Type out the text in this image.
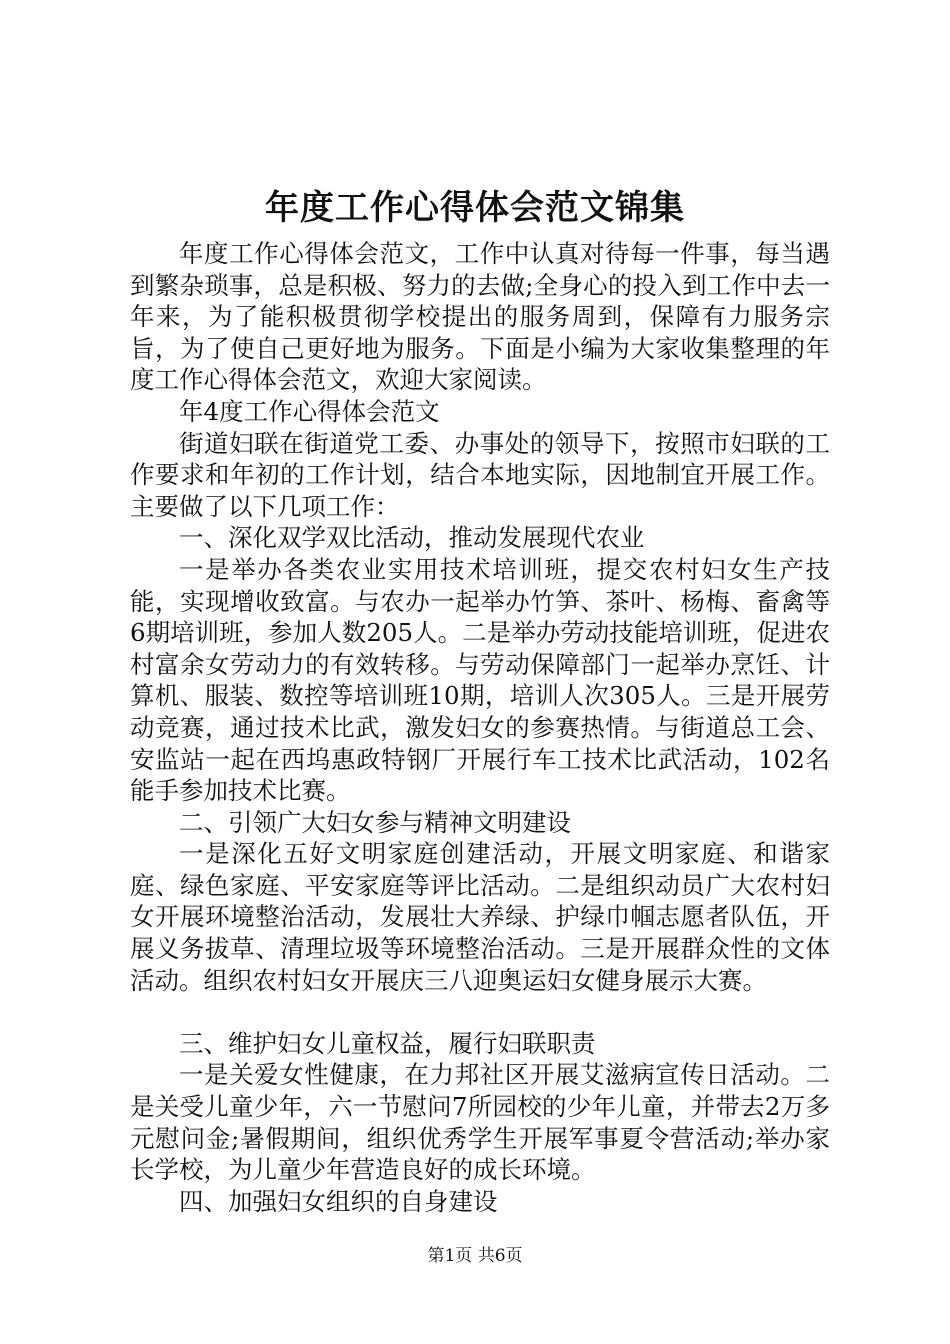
年度工作心得体会范文锦集

年度工作心得体会范文，工作中认真对待每一件事，每当遇到繁杂琐事，总是积极、努力的去做;全身心的投入到工作中去一年来，为了能积极贯彻学校提出的服务周到，保障有力服务宗旨，为了使自己更好地为服务。下面是小编为大家收集整理的年度工作心得体会范文，欢迎大家阅读。

年4度工作心得体会范文

街道妇联在街道党工委、办事处的领导下，按照市妇联的工作要求和年初的工作计划，结合本地实际，因地制宜开展工作。主要做了以下几项工作：

一、深化双学双比活动，推动发展现代农业

一是举办各类农业实用技术培训班，提交农村妇女生产技能，实现增收致富。与农办一起举办竹笋、茶叶、杨梅、畜禽等6期培训班，参加人数205人。二是举办劳动技能培训班，促进农村富余女劳动力的有效转移。与劳动保障部门一起举办烹饪、计算机、服装、数控等培训班10期，培训人次305人。三是开展劳动竞赛，通过技术比武，激发妇女的参赛热情。与街道总工会、安监站一起在西坞惠政特钢厂开展行车工技术比武活动，102名能手参加技术比赛。

二、引领广大妇女参与精神文明建设

一是深化五好文明家庭创建活动，开展文明家庭、和谐家庭、绿色家庭、平安家庭等评比活动。二是组织动员广大农村妇女开展环境整治活动，发展壮大养绿、护绿巾帼志愿者队伍，开展义务拔草、清理垃圾等环境整治活动。三是开展群众性的文体活动。组织农村妇女开展庆三八迎奥运妇女健身展示大赛。

三、维护妇女儿童权益，履行妇联职责

一是关爱女性健康，在力邦社区开展艾滋病宣传日活动。二是关受儿童少年，六一节慰问7所园校的少年儿童，并带去2万多元慰问金;暑假期间，组织优秀学生开展军事夏令营活动;举办家长学校，为儿童少年营造良好的成长环境。

四、加强妇女组织的自身建设

第1页 共6页
